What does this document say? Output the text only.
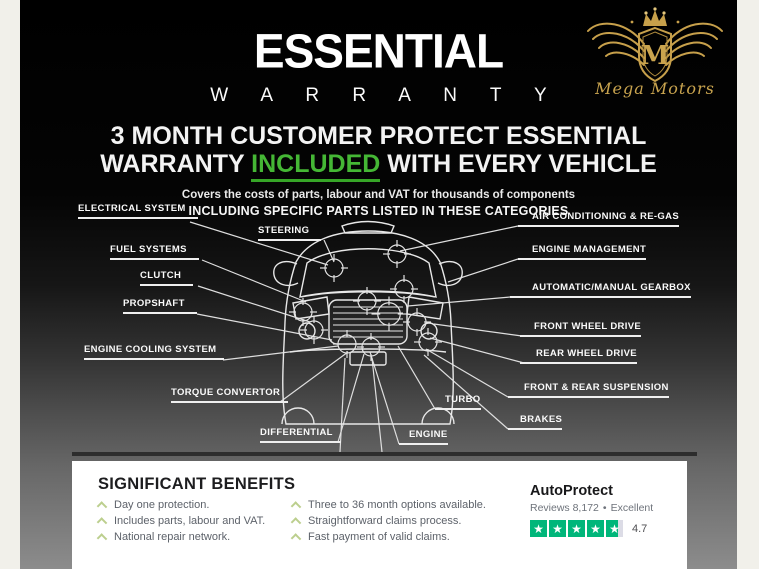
ESSENTIAL
W A R R A N T Y
3 MONTH CUSTOMER PROTECT ESSENTIAL
WARRANTY INCLUDED WITH EVERY VEHICLE
Covers the costs of parts, labour and VAT for thousands of components
INCLUDING SPECIFIC PARTS LISTED IN THESE CATEGORIES
M
Mega Motors
ELECTRICAL SYSTEM
FUEL SYSTEMS
CLUTCH
PROPSHAFT
ENGINE COOLING SYSTEM
TORQUE CONVERTOR
DIFFERENTIAL
STEERING
TURBO
ENGINE
AIR CONDITIONING & RE-GAS
ENGINE MANAGEMENT
AUTOMATIC/MANUAL GEARBOX
FRONT WHEEL DRIVE
REAR WHEEL DRIVE
FRONT & REAR SUSPENSION
BRAKES
SIGNIFICANT BENEFITS
Day one protection.
Includes parts, labour and VAT.
National repair network.
Three to 36 month options available.
Straightforward claims process.
Fast payment of valid claims.
AutoProtect
Reviews 8,172 • Excellent
★ ★ ★ ★ ★ 4.7
